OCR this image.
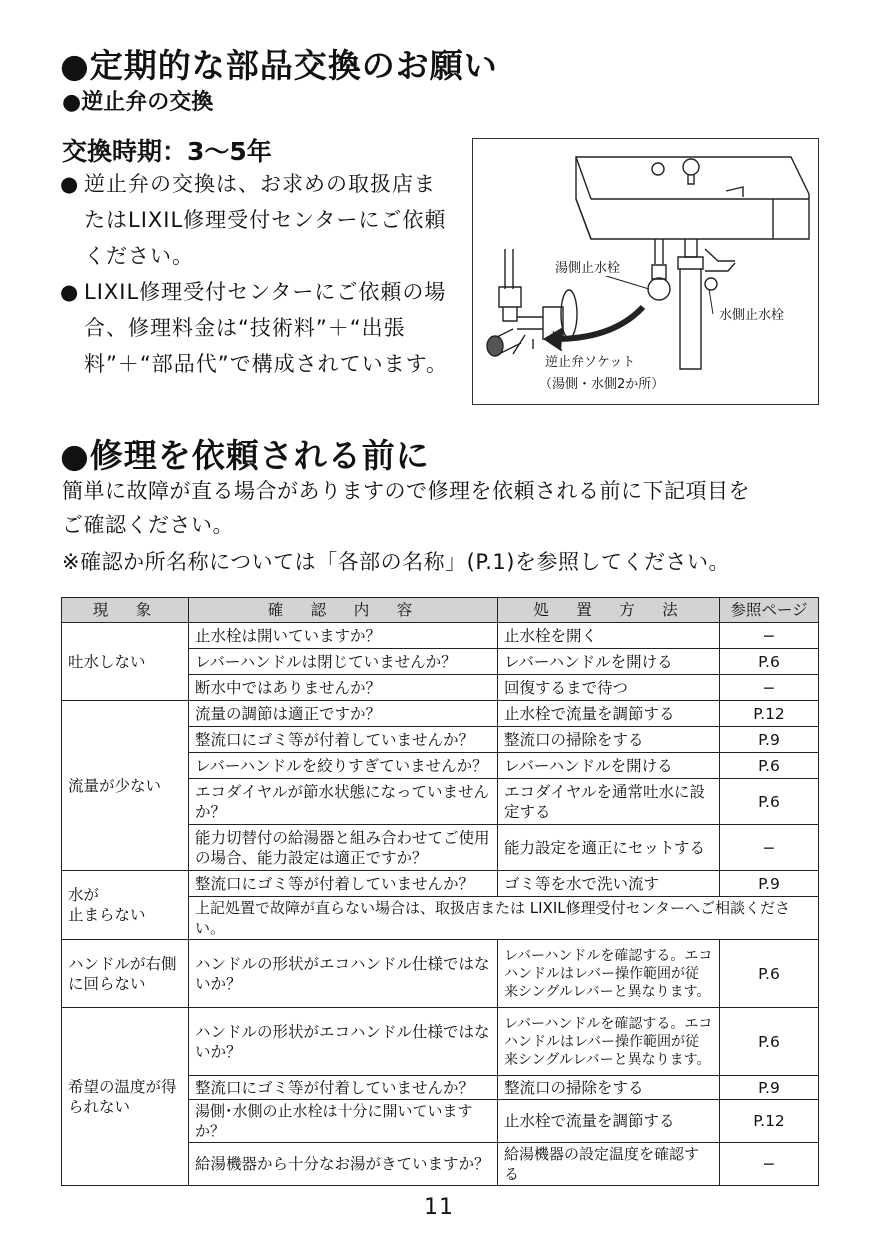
●定期的な部品交換のお願い
●逆止弁の交換
交換時期：3〜5年
● 逆止弁の交換は、お求めの取扱店またはLIXIL修理受付センターにご依頼ください。
● LIXIL修理受付センターにご依頼の場合、修理料金は“技術料”＋“出張料”＋“部品代”で構成されています。
湯側止水栓
水側止水栓
逆止弁ソケット
（湯側・水側2か所）
●修理を依頼される前に
簡単に故障が直る場合がありますので修理を依頼される前に下記項目を
ご確認ください。
※確認か所名称については「各部の名称」(P.1)を参照してください。
現　象	確　認　内　容	処　置　方　法	参照ページ
吐水しない	止水栓は開いていますか？	止水栓を開く	−
	レバーハンドルは閉じていませんか？	レバーハンドルを開ける	P.6
	断水中ではありませんか？	回復するまで待つ	−
流量が少ない	流量の調節は適正ですか？	止水栓で流量を調節する	P.12
	整流口にゴミ等が付着していませんか？	整流口の掃除をする	P.9
	レバーハンドルを絞りすぎていませんか？	レバーハンドルを開ける	P.6
	エコダイヤルが節水状態になっていませんか？	エコダイヤルを通常吐水に設定する	P.6
	能力切替付の給湯器と組み合わせてご使用の場合、能力設定は適正ですか？	能力設定を適正にセットする	−
水が
止まらない	整流口にゴミ等が付着していませんか？	ゴミ等を水で洗い流す	P.9
	上記処置で故障が直らない場合は、取扱店または LIXIL修理受付センターへご相談ください。		
ハンドルが右側に回らない	ハンドルの形状がエコハンドル仕様ではないか？	レバーハンドルを確認する。エコハンドルはレバー操作範囲が従来シングルレバーと異なります。	P.6
希望の温度が得られない	ハンドルの形状がエコハンドル仕様ではないか？	レバーハンドルを確認する。エコハンドルはレバー操作範囲が従来シングルレバーと異なります。	P.6
	整流口にゴミ等が付着していませんか？	整流口の掃除をする	P.9
	湯側･水側の止水栓は十分に開いていますか？	止水栓で流量を調節する	P.12
	給湯機器から十分なお湯がきていますか？	給湯機器の設定温度を確認する	−
11
